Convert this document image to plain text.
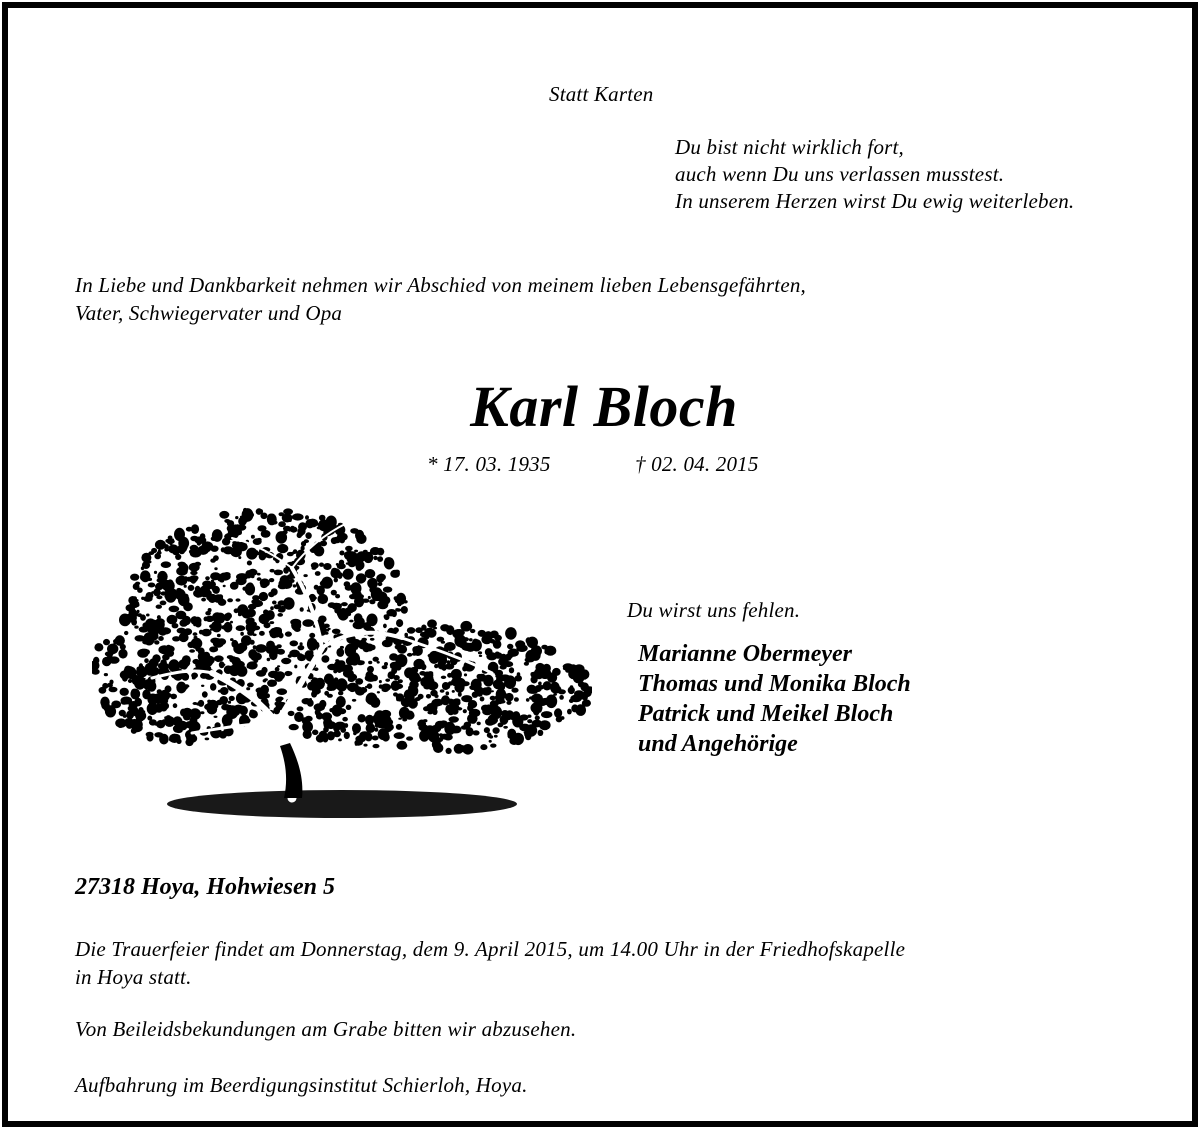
Statt Karten
Du bist nicht wirklich fort,
auch wenn Du uns verlassen musstest.
In unserem Herzen wirst Du ewig weiterleben.
In Liebe und Dankbarkeit nehmen wir Abschied von meinem lieben Lebensgefährten,
Vater, Schwiegervater und Opa
Karl Bloch
* 17. 03. 1935	† 02. 04. 2015
Du wirst uns fehlen.
Marianne Obermeyer
Thomas und Monika Bloch
Patrick und Meikel Bloch
und Angehörige
27318 Hoya, Hohwiesen 5
Die Trauerfeier findet am Donnerstag, dem 9. April 2015, um 14.00 Uhr in der Friedhofskapelle
in Hoya statt.
Von Beileidsbekundungen am Grabe bitten wir abzusehen.
Aufbahrung im Beerdigungsinstitut Schierloh, Hoya.
